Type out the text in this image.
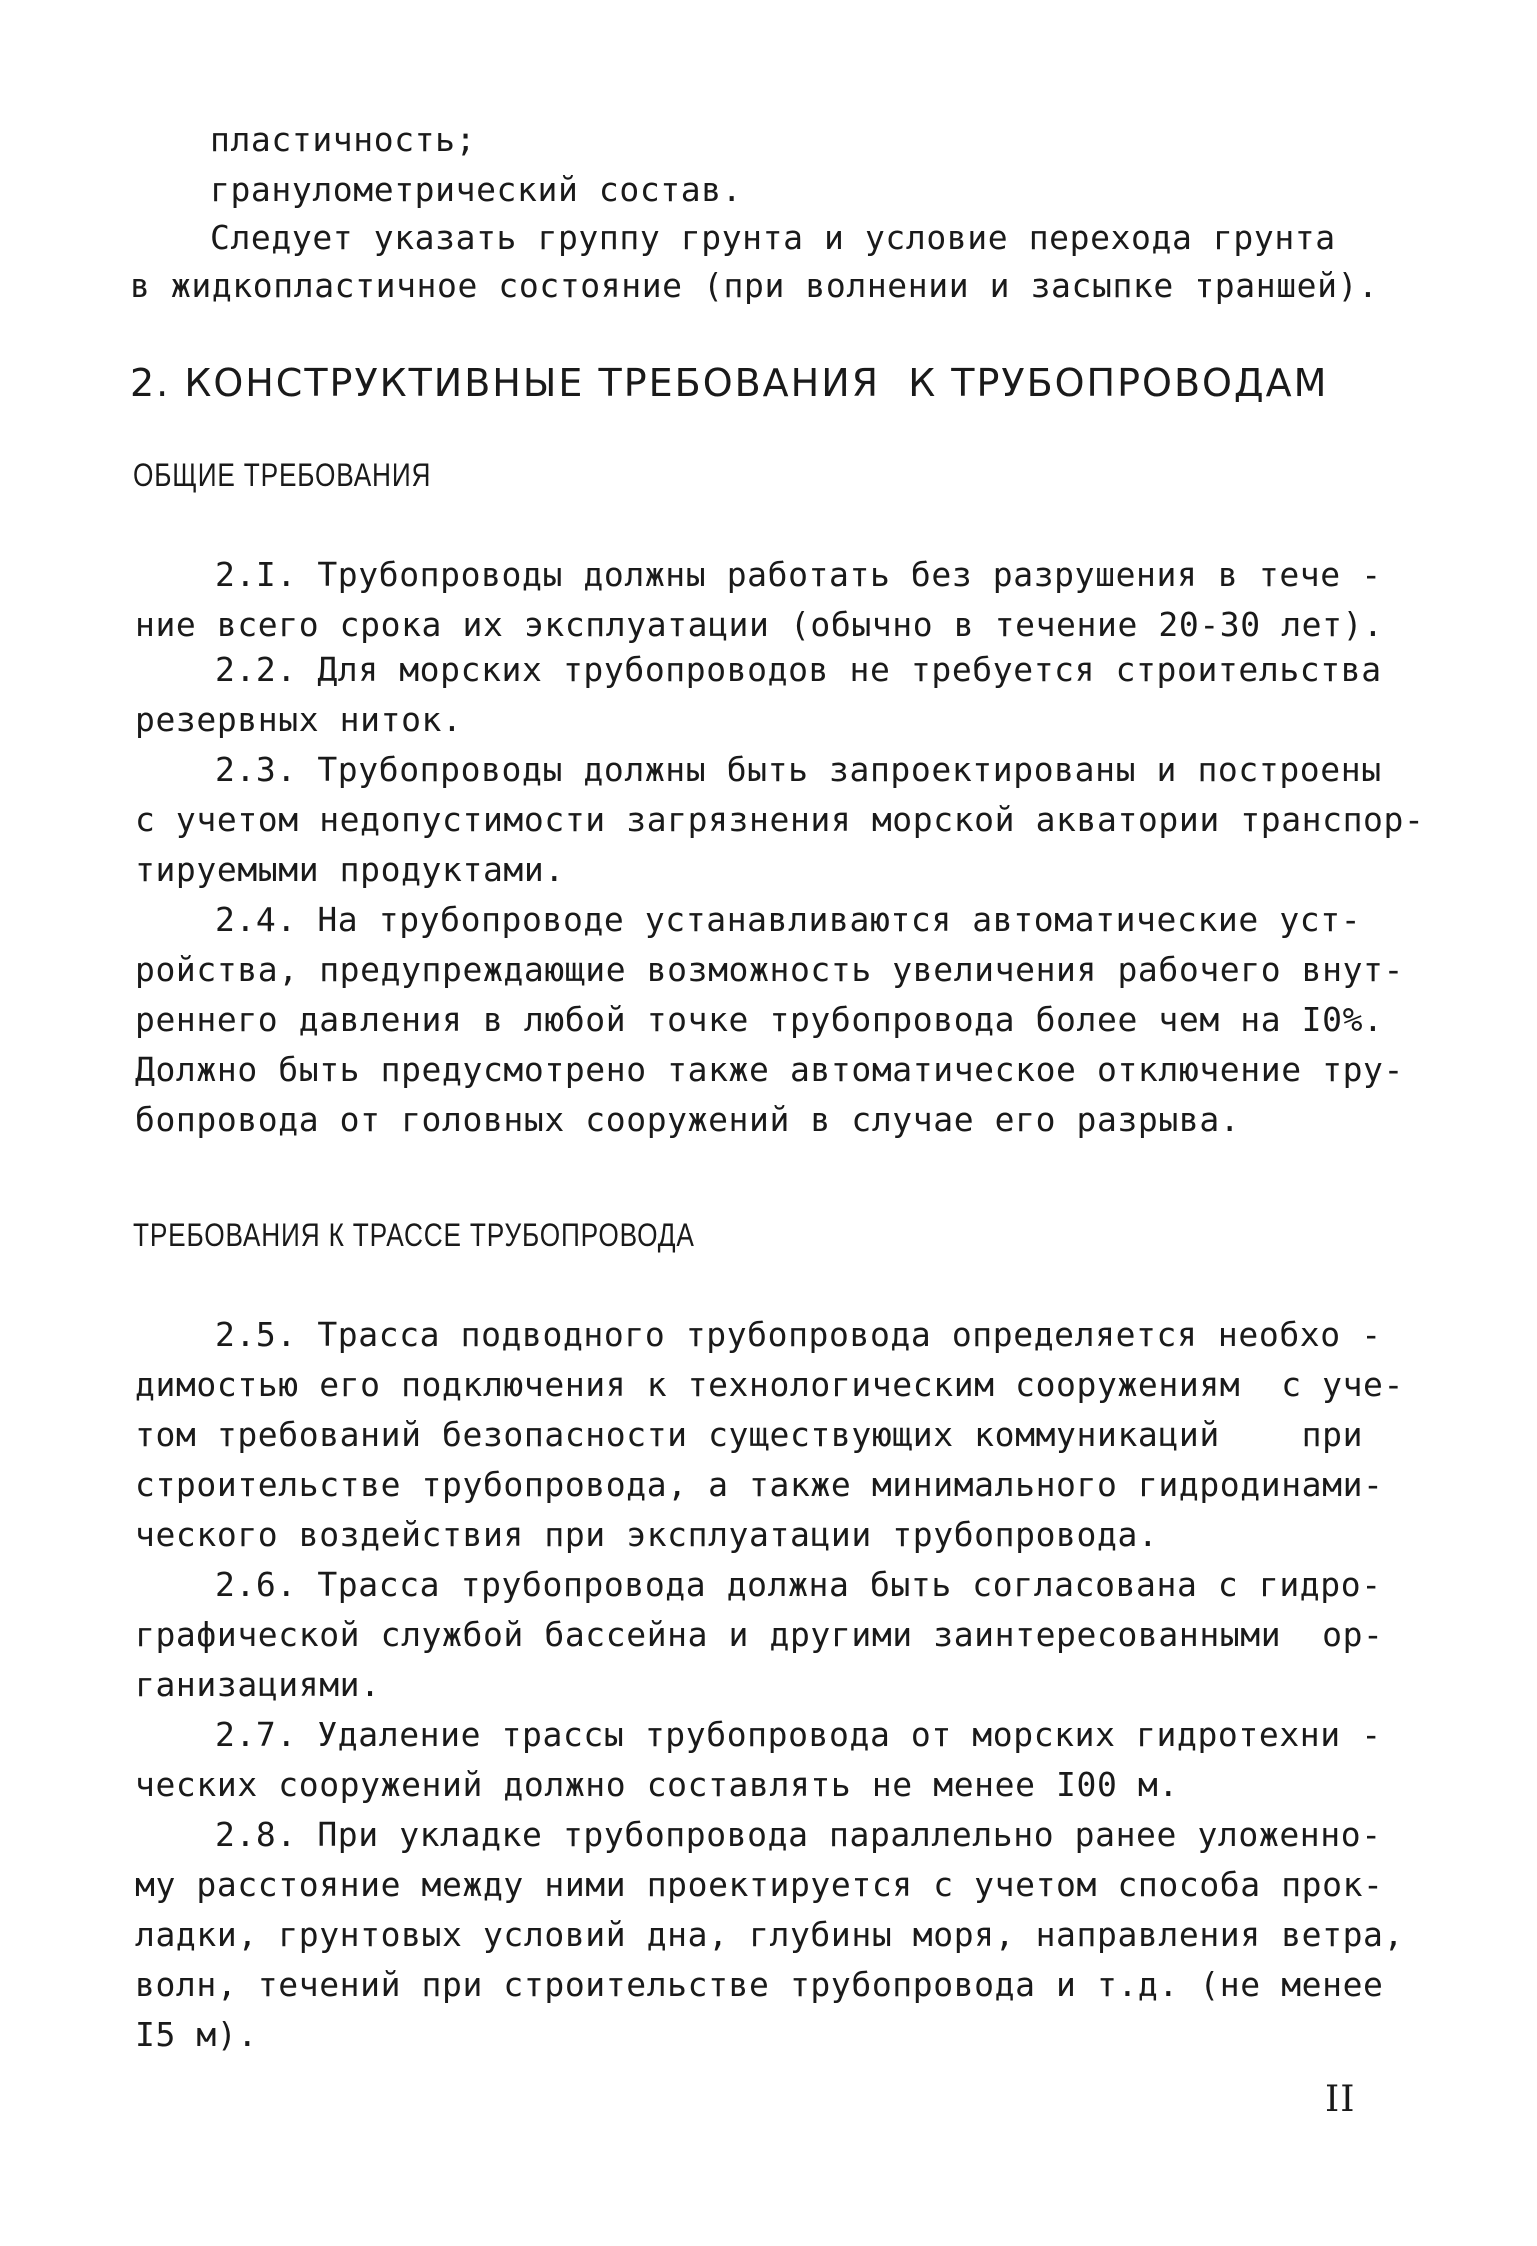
пластичность;
гранулометрический состав.
Следует указать группу грунта и условие перехода грунта
в жидкопластичное состояние (при волнении и засыпке траншей).
2. КОНСТРУКТИВНЫЕ ТРЕБОВАНИЯ  К ТРУБОПРОВОДАМ
ОБЩИЕ ТРЕБОВАНИЯ
2.I. Трубопроводы должны работать без разрушения в тече -
ние всего срока их эксплуатации (обычно в течение 20-30 лет).
2.2. Для морских трубопроводов не требуется строительства
резервных ниток.
2.3. Трубопроводы должны быть запроектированы и построены
с учетом недопустимости загрязнения морской акватории транспор-
тируемыми продуктами.
2.4. На трубопроводе устанавливаются автоматические уст-
ройства, предупреждающие возможность увеличения рабочего внут-
реннего давления в любой точке трубопровода более чем на I0%.
Должно быть предусмотрено также автоматическое отключение тру-
бопровода от головных сооружений в случае его разрыва.
ТРЕБОВАНИЯ К ТРАССЕ ТРУБОПРОВОДА
2.5. Трасса подводного трубопровода определяется необхо -
димостью его подключения к технологическим сооружениям  с уче-
том требований безопасности существующих коммуникаций    при
строительстве трубопровода, а также минимального гидродинами-
ческого воздействия при эксплуатации трубопровода.
2.6. Трасса трубопровода должна быть согласована с гидро-
графической службой бассейна и другими заинтересованными  ор-
ганизациями.
2.7. Удаление трассы трубопровода от морских гидротехни -
ческих сооружений должно составлять не менее I00 м.
2.8. При укладке трубопровода параллельно ранее уложенно-
му расстояние между ними проектируется с учетом способа прок-
ладки, грунтовых условий дна, глубины моря, направления ветра,
волн, течений при строительстве трубопровода и т.д. (не менее
I5 м).
II
